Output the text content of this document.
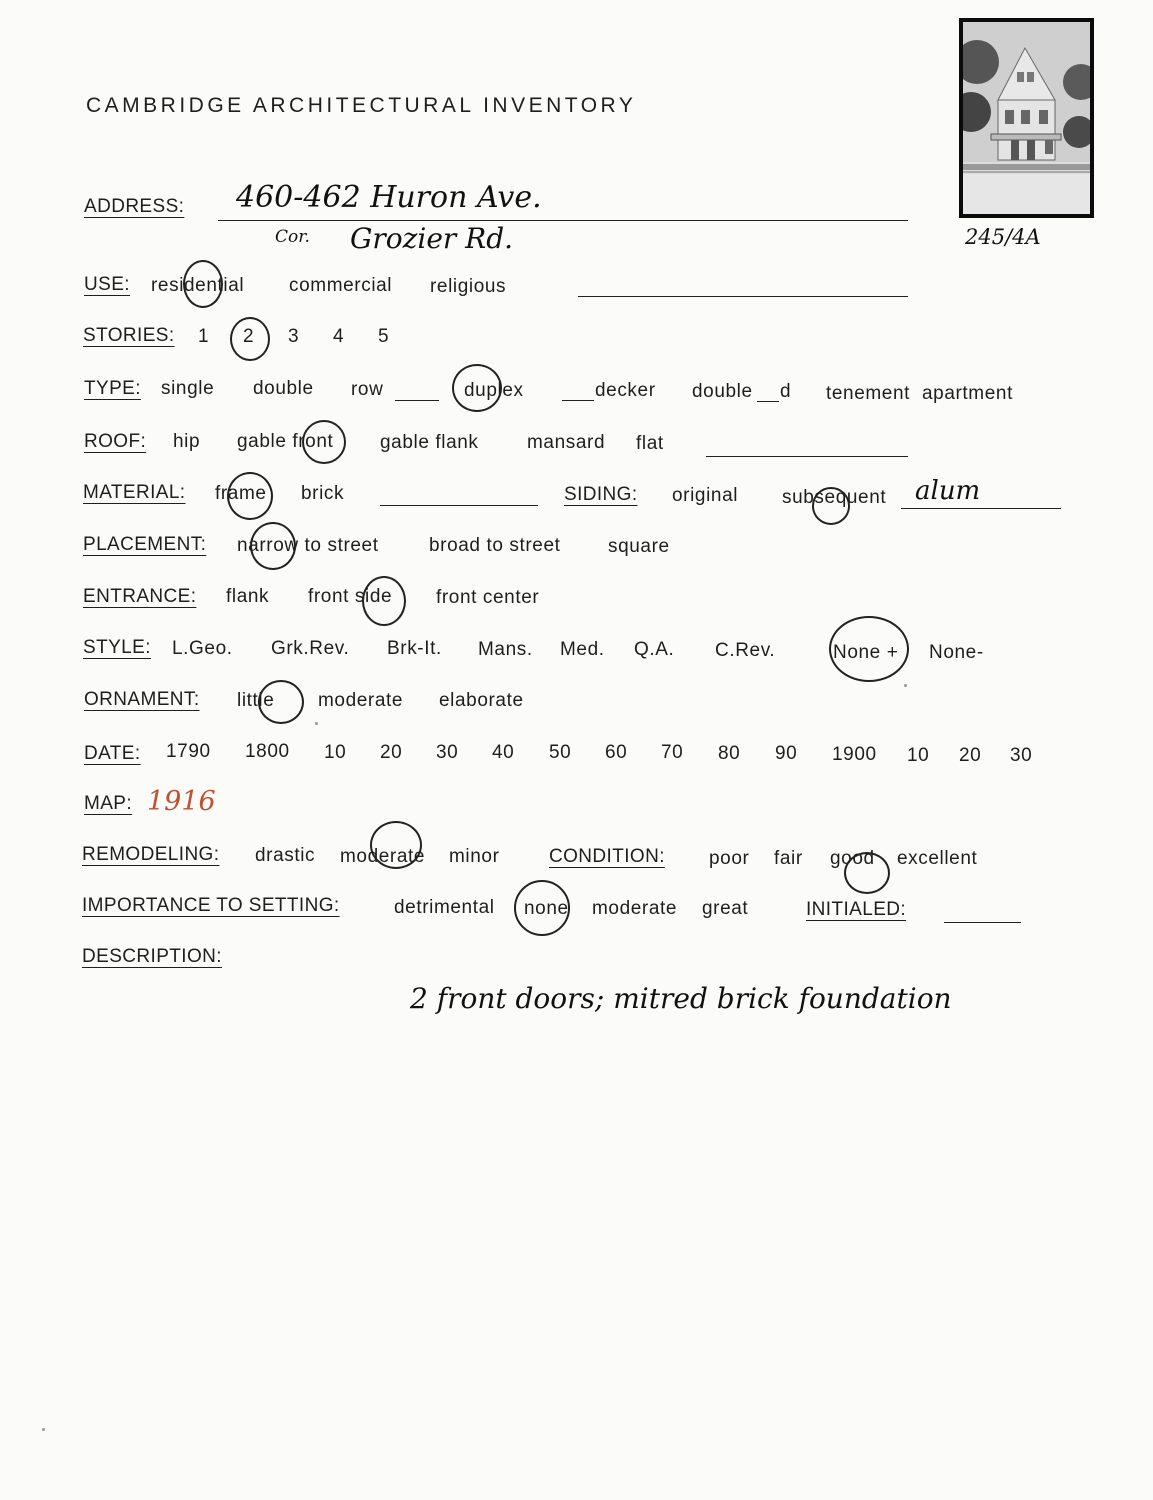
CAMBRIDGE ARCHITECTURAL INVENTORY
245/4A
ADDRESS: 460-462 Huron Ave.
Cor. Grozier Rd.
USE: residential commercial religious
STORIES: 1 2 3 4 5
TYPE: single double row	duplex	decker double d tenement apartment
ROOF: hip gable front gable flank	mansard flat
MATERIAL: frame brick	SIDING: original subsequent alum
PLACEMENT: narrow to street	broad to street square
ENTRANCE: flank front side front center
STYLE: L.Geo. Grk.Rev. Brk-It. Mans. Med. Q.A. C.Rev.	None + None-
ORNAMENT: little moderate elaborate
DATE: 1790 1800 10 20 30 40 50 60 70 80 90 1900 10 20 30
MAP: 1916
REMODELING: drastic moderate minor	CONDITION: poor fair good excellent
IMPORTANCE TO SETTING:	detrimental none moderate great	INITIALED:
DESCRIPTION:
2 front doors; mitred brick foundation
